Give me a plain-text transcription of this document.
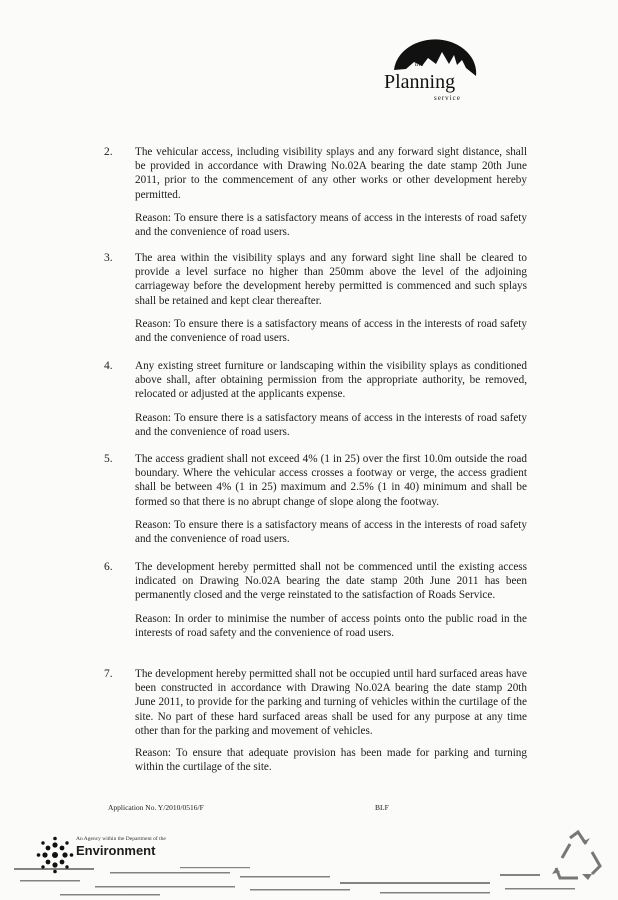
the
Planning
service
2. The vehicular access, including visibility splays and any forward sight distance, shall be provided in accordance with Drawing No.02A bearing the date stamp 20th June 2011, prior to the commencement of any other works or other development hereby permitted.
Reason: To ensure there is a satisfactory means of access in the interests of road safety and the convenience of road users.
3. The area within the visibility splays and any forward sight line shall be cleared to provide a level surface no higher than 250mm above the level of the adjoining carriageway before the development hereby permitted is commenced and such splays shall be retained and kept clear thereafter.
Reason: To ensure there is a satisfactory means of access in the interests of road safety and the convenience of road users.
4. Any existing street furniture or landscaping within the visibility splays as conditioned above shall, after obtaining permission from the appropriate authority, be removed, relocated or adjusted at the applicants expense.
Reason: To ensure there is a satisfactory means of access in the interests of road safety and the convenience of road users.
5. The access gradient shall not exceed 4% (1 in 25) over the first 10.0m outside the road boundary. Where the vehicular access crosses a footway or verge, the access gradient shall be between 4% (1 in 25) maximum and 2.5% (1 in 40) minimum and shall be formed so that there is no abrupt change of slope along the footway.
Reason: To ensure there is a satisfactory means of access in the interests of road safety and the convenience of road users.
6. The development hereby permitted shall not be commenced until the existing access indicated on Drawing No.02A bearing the date stamp 20th June 2011 has been permanently closed and the verge reinstated to the satisfaction of Roads Service.
Reason: In order to minimise the number of access points onto the public road in the interests of road safety and the convenience of road users.
7. The development hereby permitted shall not be occupied until hard surfaced areas have been constructed in accordance with Drawing No.02A bearing the date stamp 20th June 2011, to provide for the parking and turning of vehicles within the curtilage of the site. No part of these hard surfaced areas shall be used for any purpose at any time other than for the parking and movement of vehicles.
Reason: To ensure that adequate provision has been made for parking and turning within the curtilage of the site.
Application No. Y/2010/0516/F	BLF
An Agency within the Department of the
Environment
